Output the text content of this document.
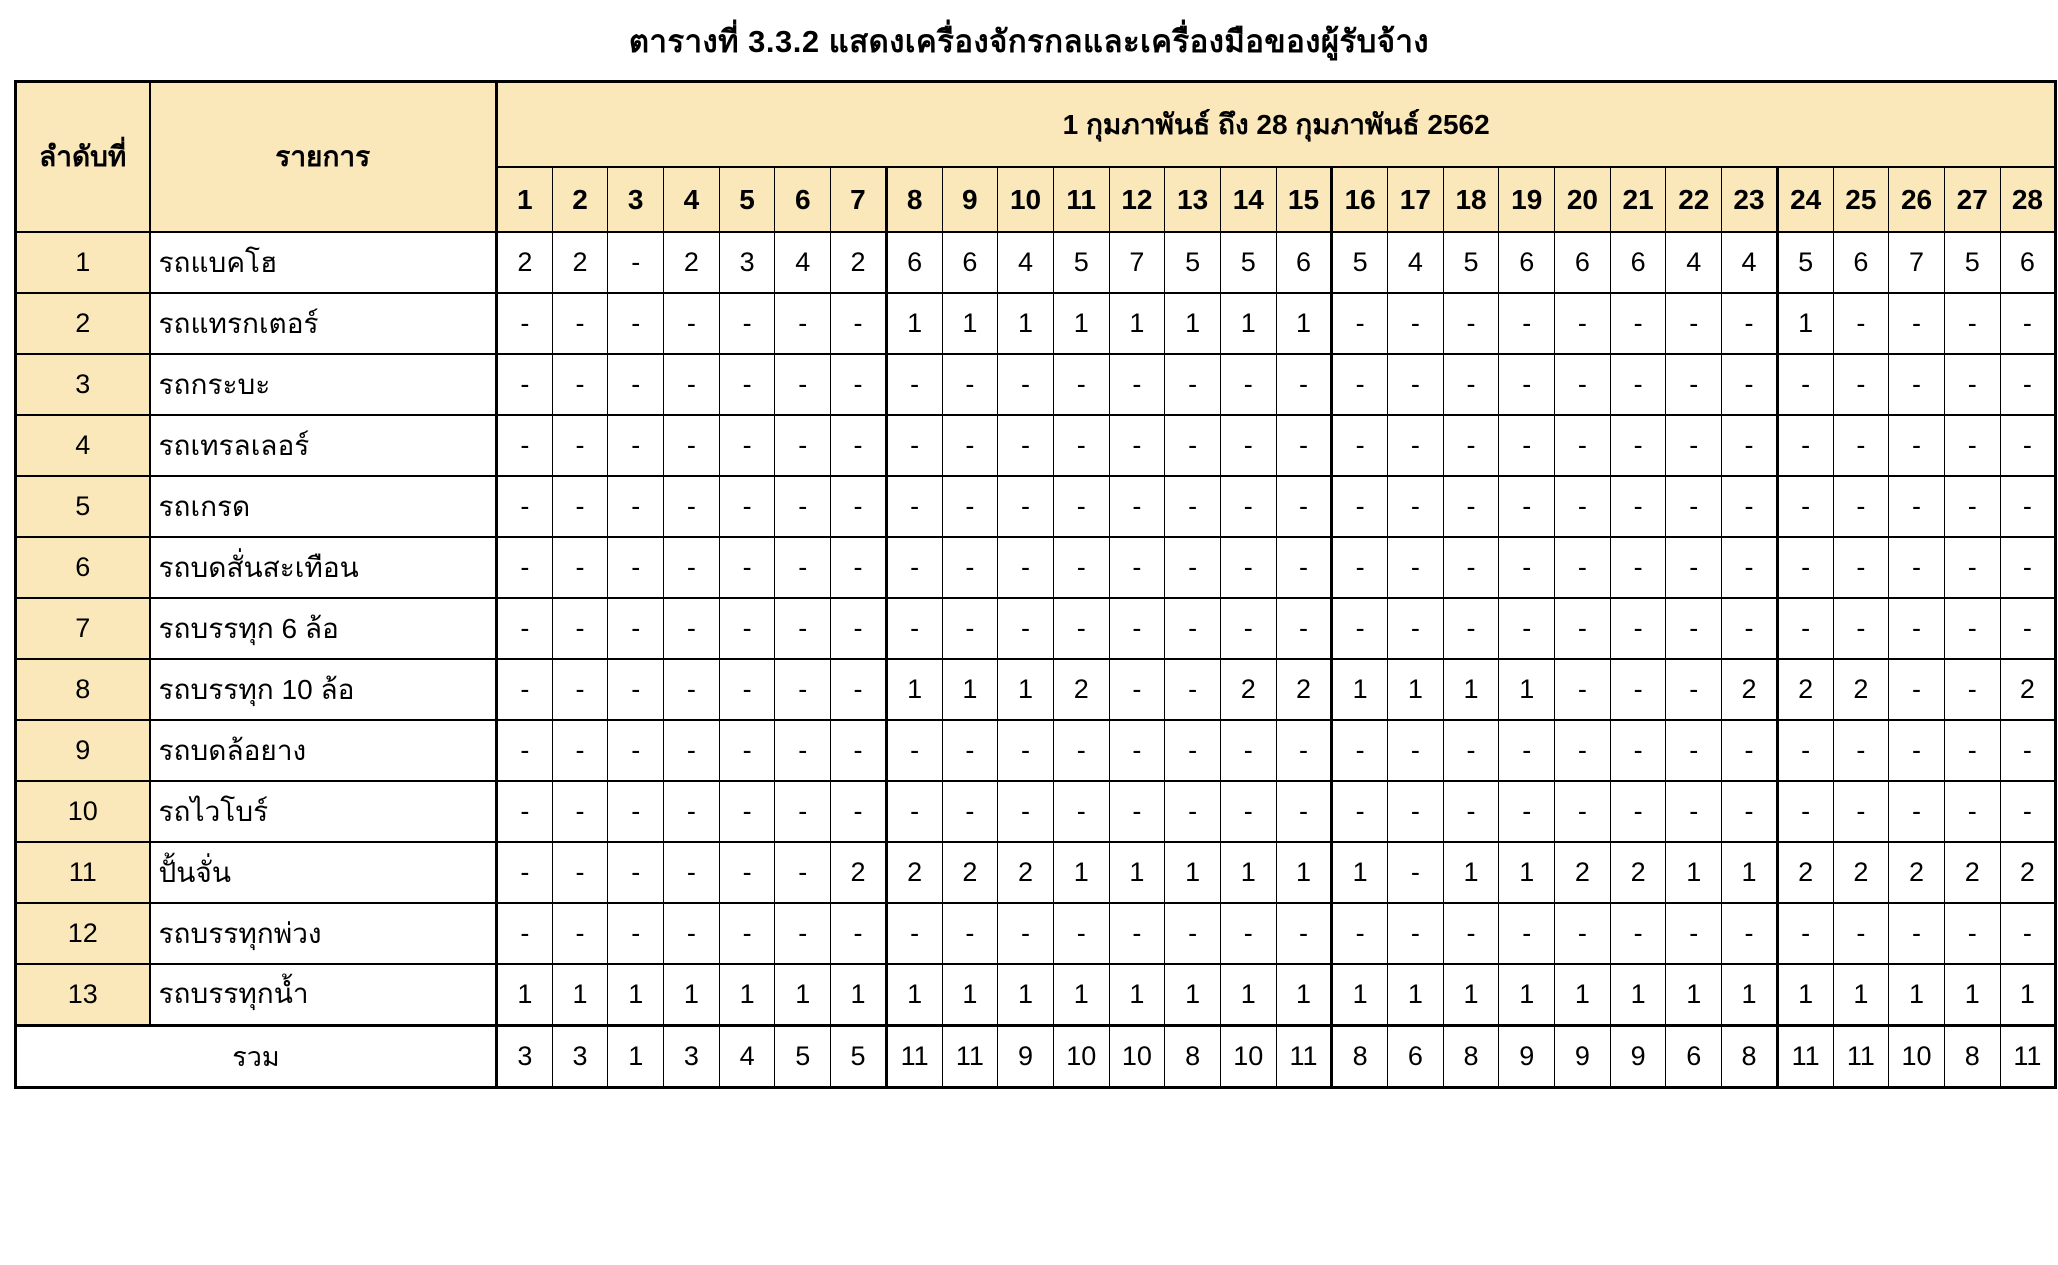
ตารางที่ 3.3.2 แสดงเครื่องจักรกลและเครื่องมือของผู้รับจ้าง
ลำดับที่	รายการ	1 กุมภาพันธ์ ถึง 28 กุมภาพันธ์ 2562																											
		1	2	3	4	5	6	7	8	9	10	11	12	13	14	15	16	17	18	19	20	21	22	23	24	25	26	27	28
1	รถแบคโฮ	2	2	-	2	3	4	2	6	6	4	5	7	5	5	6	5	4	5	6	6	6	4	4	5	6	7	5	6
2	รถแทรกเตอร์	-	-	-	-	-	-	-	1	1	1	1	1	1	1	1	-	-	-	-	-	-	-	-	1	-	-	-	-
3	รถกระบะ	-	-	-	-	-	-	-	-	-	-	-	-	-	-	-	-	-	-	-	-	-	-	-	-	-	-	-	-
4	รถเทรลเลอร์	-	-	-	-	-	-	-	-	-	-	-	-	-	-	-	-	-	-	-	-	-	-	-	-	-	-	-	-
5	รถเกรด	-	-	-	-	-	-	-	-	-	-	-	-	-	-	-	-	-	-	-	-	-	-	-	-	-	-	-	-
6	รถบดสั่นสะเทือน	-	-	-	-	-	-	-	-	-	-	-	-	-	-	-	-	-	-	-	-	-	-	-	-	-	-	-	-
7	รถบรรทุก 6 ล้อ	-	-	-	-	-	-	-	-	-	-	-	-	-	-	-	-	-	-	-	-	-	-	-	-	-	-	-	-
8	รถบรรทุก 10 ล้อ	-	-	-	-	-	-	-	1	1	1	2	-	-	2	2	1	1	1	1	-	-	-	2	2	2	-	-	2
9	รถบดล้อยาง	-	-	-	-	-	-	-	-	-	-	-	-	-	-	-	-	-	-	-	-	-	-	-	-	-	-	-	-
10	รถไวโบร์	-	-	-	-	-	-	-	-	-	-	-	-	-	-	-	-	-	-	-	-	-	-	-	-	-	-	-	-
11	ปั้นจั่น	-	-	-	-	-	-	2	2	2	2	1	1	1	1	1	1	-	1	1	2	2	1	1	2	2	2	2	2
12	รถบรรทุกพ่วง	-	-	-	-	-	-	-	-	-	-	-	-	-	-	-	-	-	-	-	-	-	-	-	-	-	-	-	-
13	รถบรรทุกน้ำ	1	1	1	1	1	1	1	1	1	1	1	1	1	1	1	1	1	1	1	1	1	1	1	1	1	1	1	1
รวม		3	3	1	3	4	5	5	11	11	9	10	10	8	10	11	8	6	8	9	9	9	6	8	11	11	10	8	11
